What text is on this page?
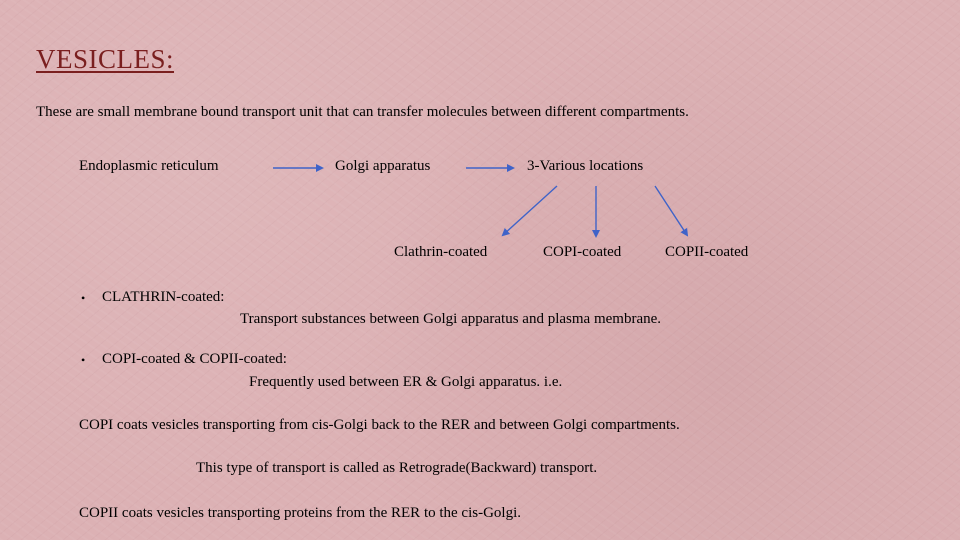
VESICLES:
These are small membrane bound transport unit that can transfer molecules between different compartments.
Endoplasmic reticulum	Golgi apparatus	3-Various locations
Clathrin-coated	COPI-coated	COPII-coated
• CLATHRIN-coated:
Transport substances between Golgi apparatus and plasma membrane.
• COPI-coated & COPII-coated:
Frequently used between ER & Golgi apparatus. i.e.
COPI coats vesicles transporting from cis-Golgi back to the RER and between Golgi compartments.
This type of transport is called as Retrograde(Backward) transport.
COPII coats vesicles transporting proteins from the RER to the cis-Golgi.
